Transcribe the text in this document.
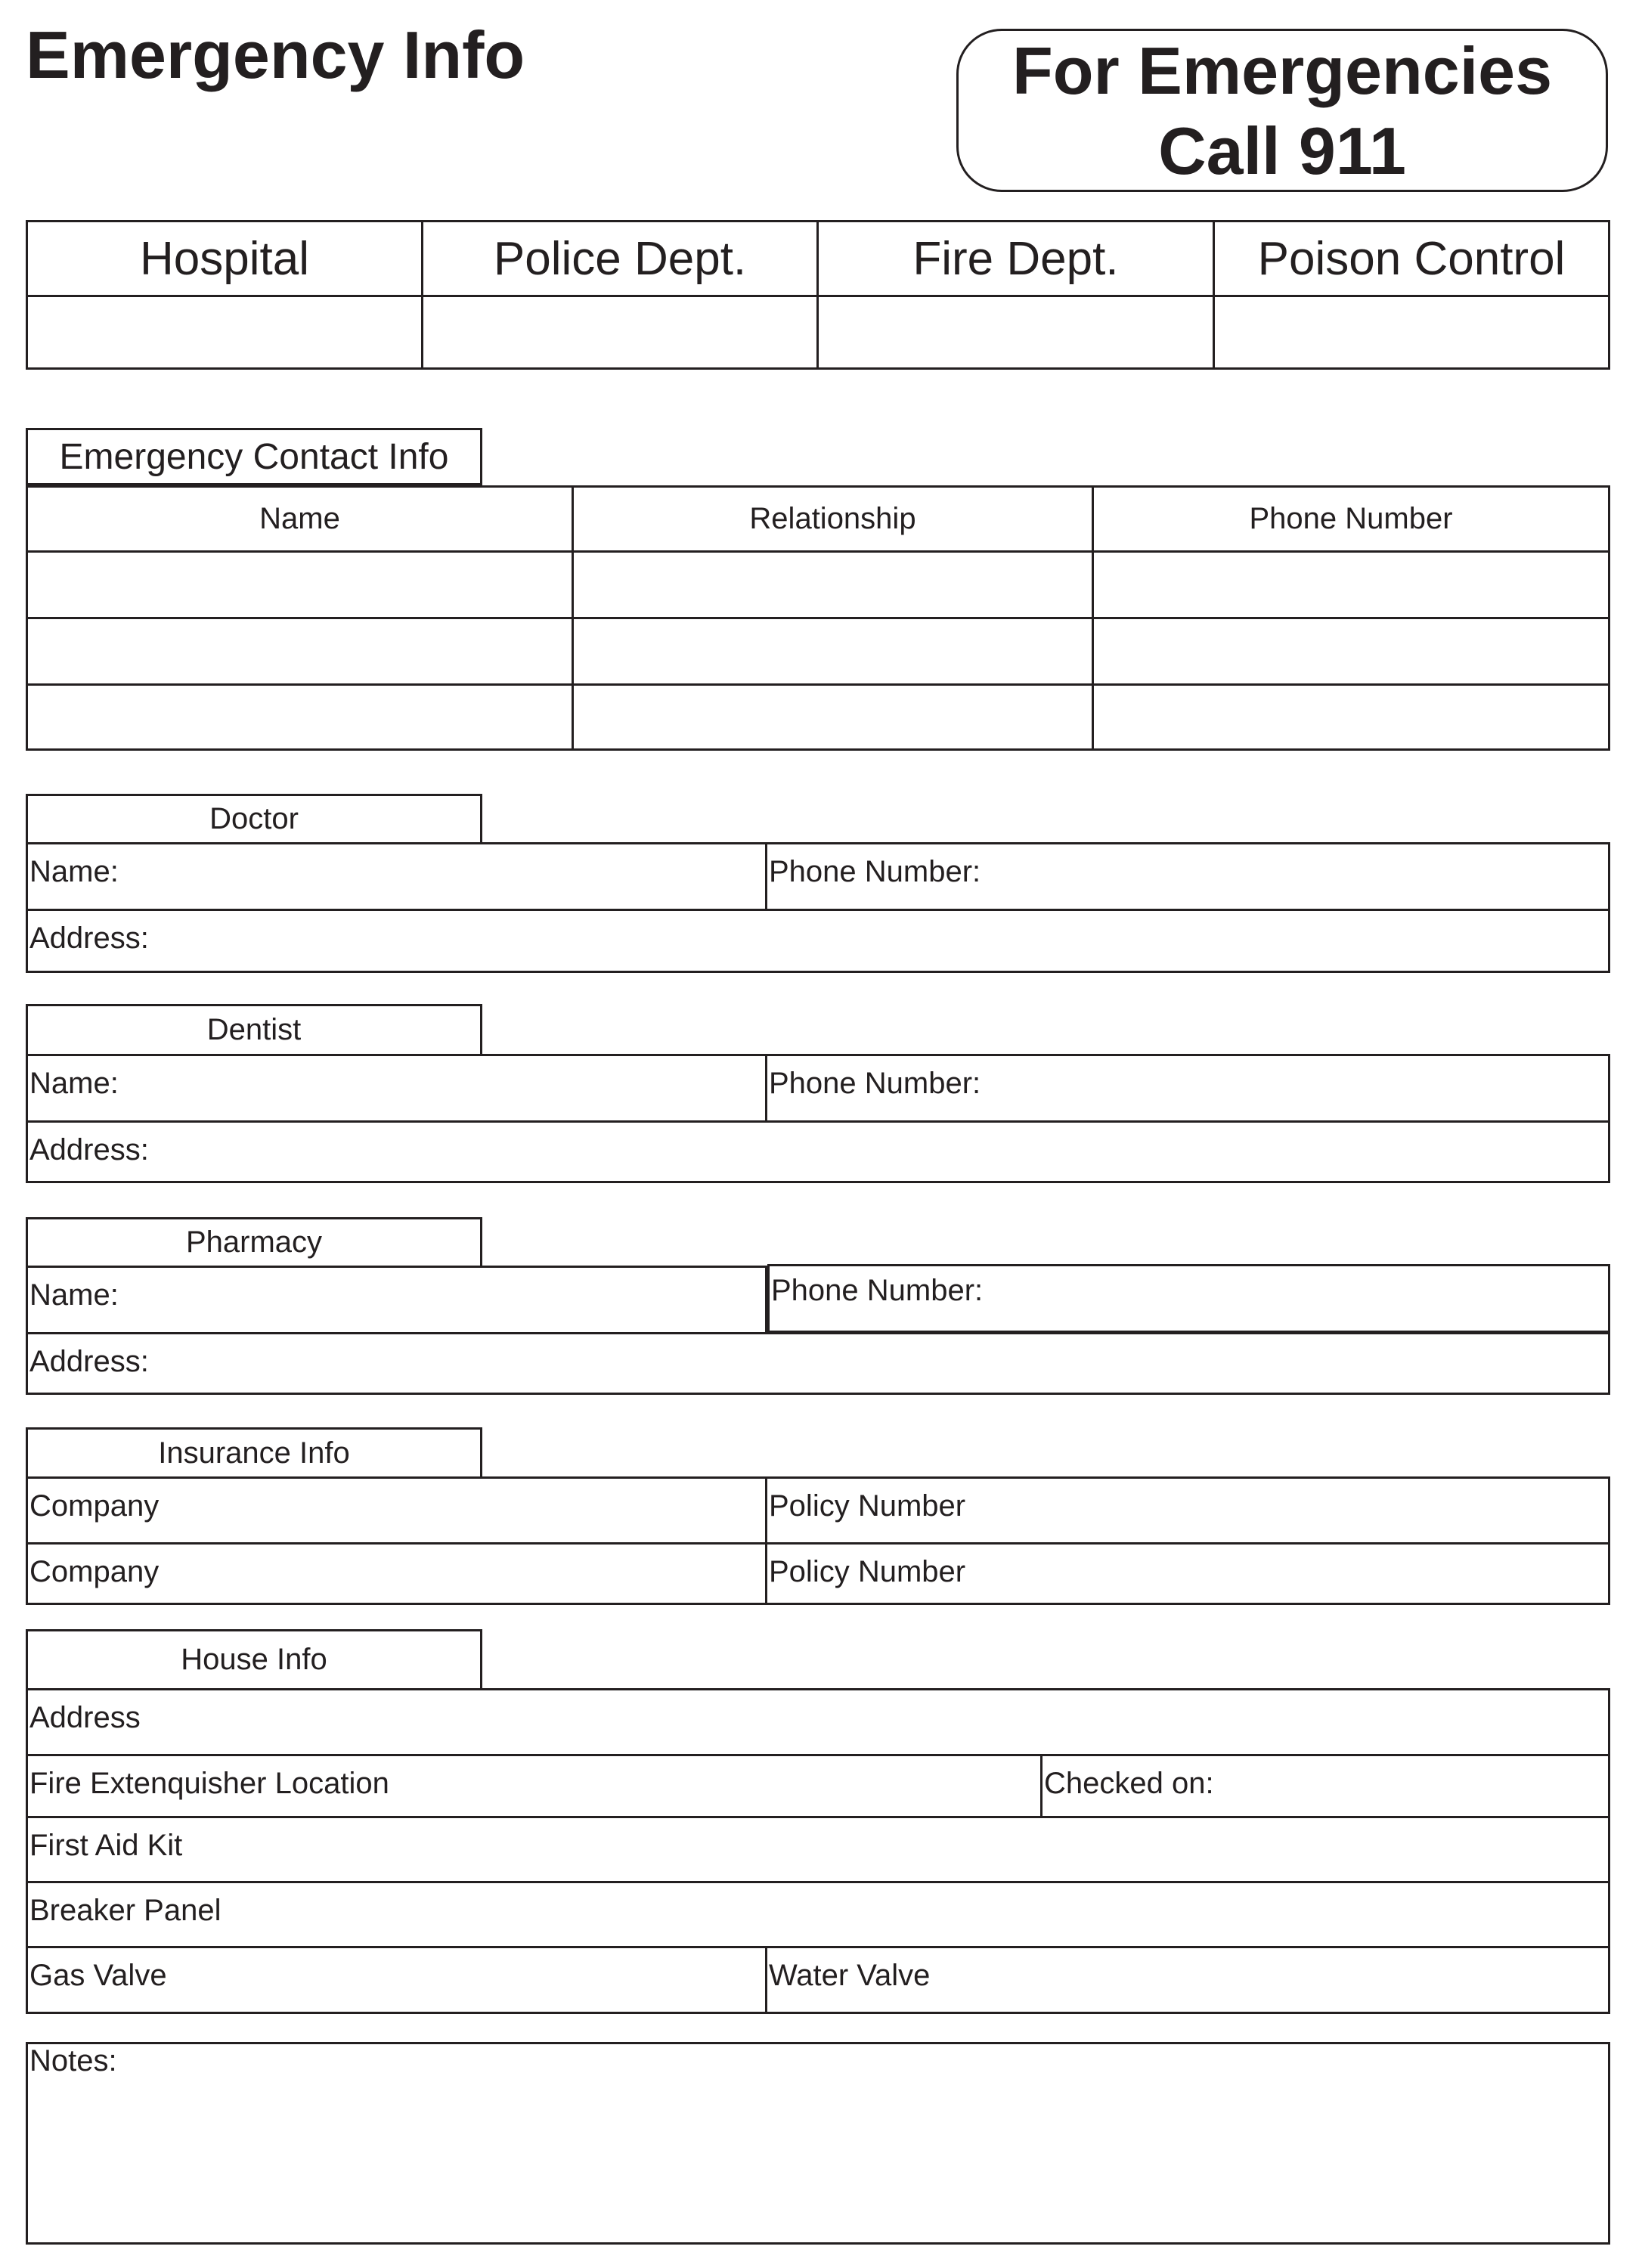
Emergency Info	For Emergencies
Call 911
Hospital	Police Dept.	Fire Dept.	Poison Control
Emergency Contact Info
Name	Relationship	Phone Number
Doctor
Name:	Phone Number:
Address:
Dentist
Name:	Phone Number:
Address:
Pharmacy
Name:	Phone Number:
Address:
Insurance Info
Company	Policy Number
Company	Policy Number
House Info
Address
Fire Extenquisher Location	Checked on:
First Aid Kit
Breaker Panel
Gas Valve	Water Valve
Notes:
